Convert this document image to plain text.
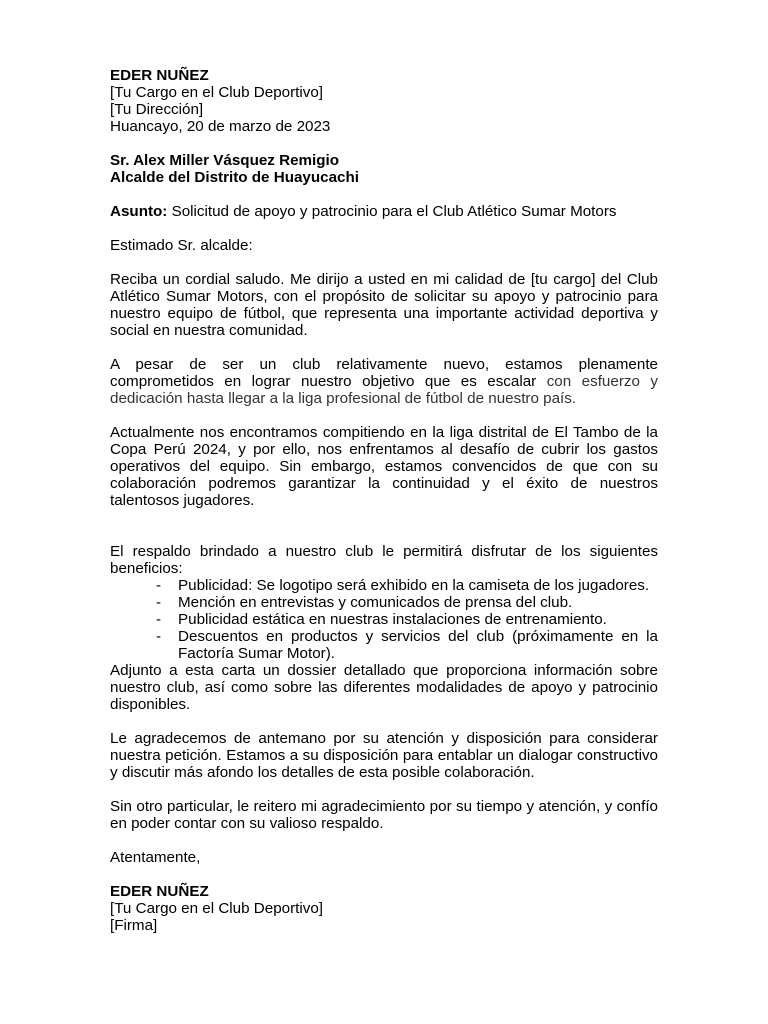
EDER NUÑEZ
[Tu Cargo en el Club Deportivo]
[Tu Dirección]
Huancayo, 20 de marzo de 2023
Sr. Alex Miller Vásquez Remigio
Alcalde del Distrito de Huayucachi
Asunto: Solicitud de apoyo y patrocinio para el Club Atlético Sumar Motors
Estimado Sr. alcalde:

Reciba un cordial saludo. Me dirijo a usted en mi calidad de [tu cargo] del Club Atlético Sumar Motors, con el propósito de solicitar su apoyo y patrocinio para nuestro equipo de fútbol, que representa una importante actividad deportiva y social en nuestra comunidad.

A pesar de ser un club relativamente nuevo, estamos plenamente comprometidos en lograr nuestro objetivo que es escalar con esfuerzo y dedicación hasta llegar a la liga profesional de fútbol de nuestro país.

Actualmente nos encontramos compitiendo en la liga distrital de El Tambo de la Copa Perú 2024, y por ello, nos enfrentamos al desafío de cubrir los gastos operativos del equipo. Sin embargo, estamos convencidos de que con su colaboración podremos garantizar la continuidad y el éxito de nuestros talentosos jugadores.

El respaldo brindado a nuestro club le permitirá disfrutar de los siguientes beneficios:

- Publicidad: Se logotipo será exhibido en la camiseta de los jugadores.
- Mención en entrevistas y comunicados de prensa del club.
- Publicidad estática en nuestras instalaciones de entrenamiento.
- Descuentos en productos y servicios del club (próximamente en la Factoría Sumar Motor).

Adjunto a esta carta un dossier detallado que proporciona información sobre nuestro club, así como sobre las diferentes modalidades de apoyo y patrocinio disponibles.

Le agradecemos de antemano por su atención y disposición para considerar nuestra petición. Estamos a su disposición para entablar un dialogar constructivo y discutir más afondo los detalles de esta posible colaboración.

Sin otro particular, le reitero mi agradecimiento por su tiempo y atención, y confío en poder contar con su valioso respaldo.

Atentamente,
EDER NUÑEZ
[Tu Cargo en el Club Deportivo]
[Firma]
